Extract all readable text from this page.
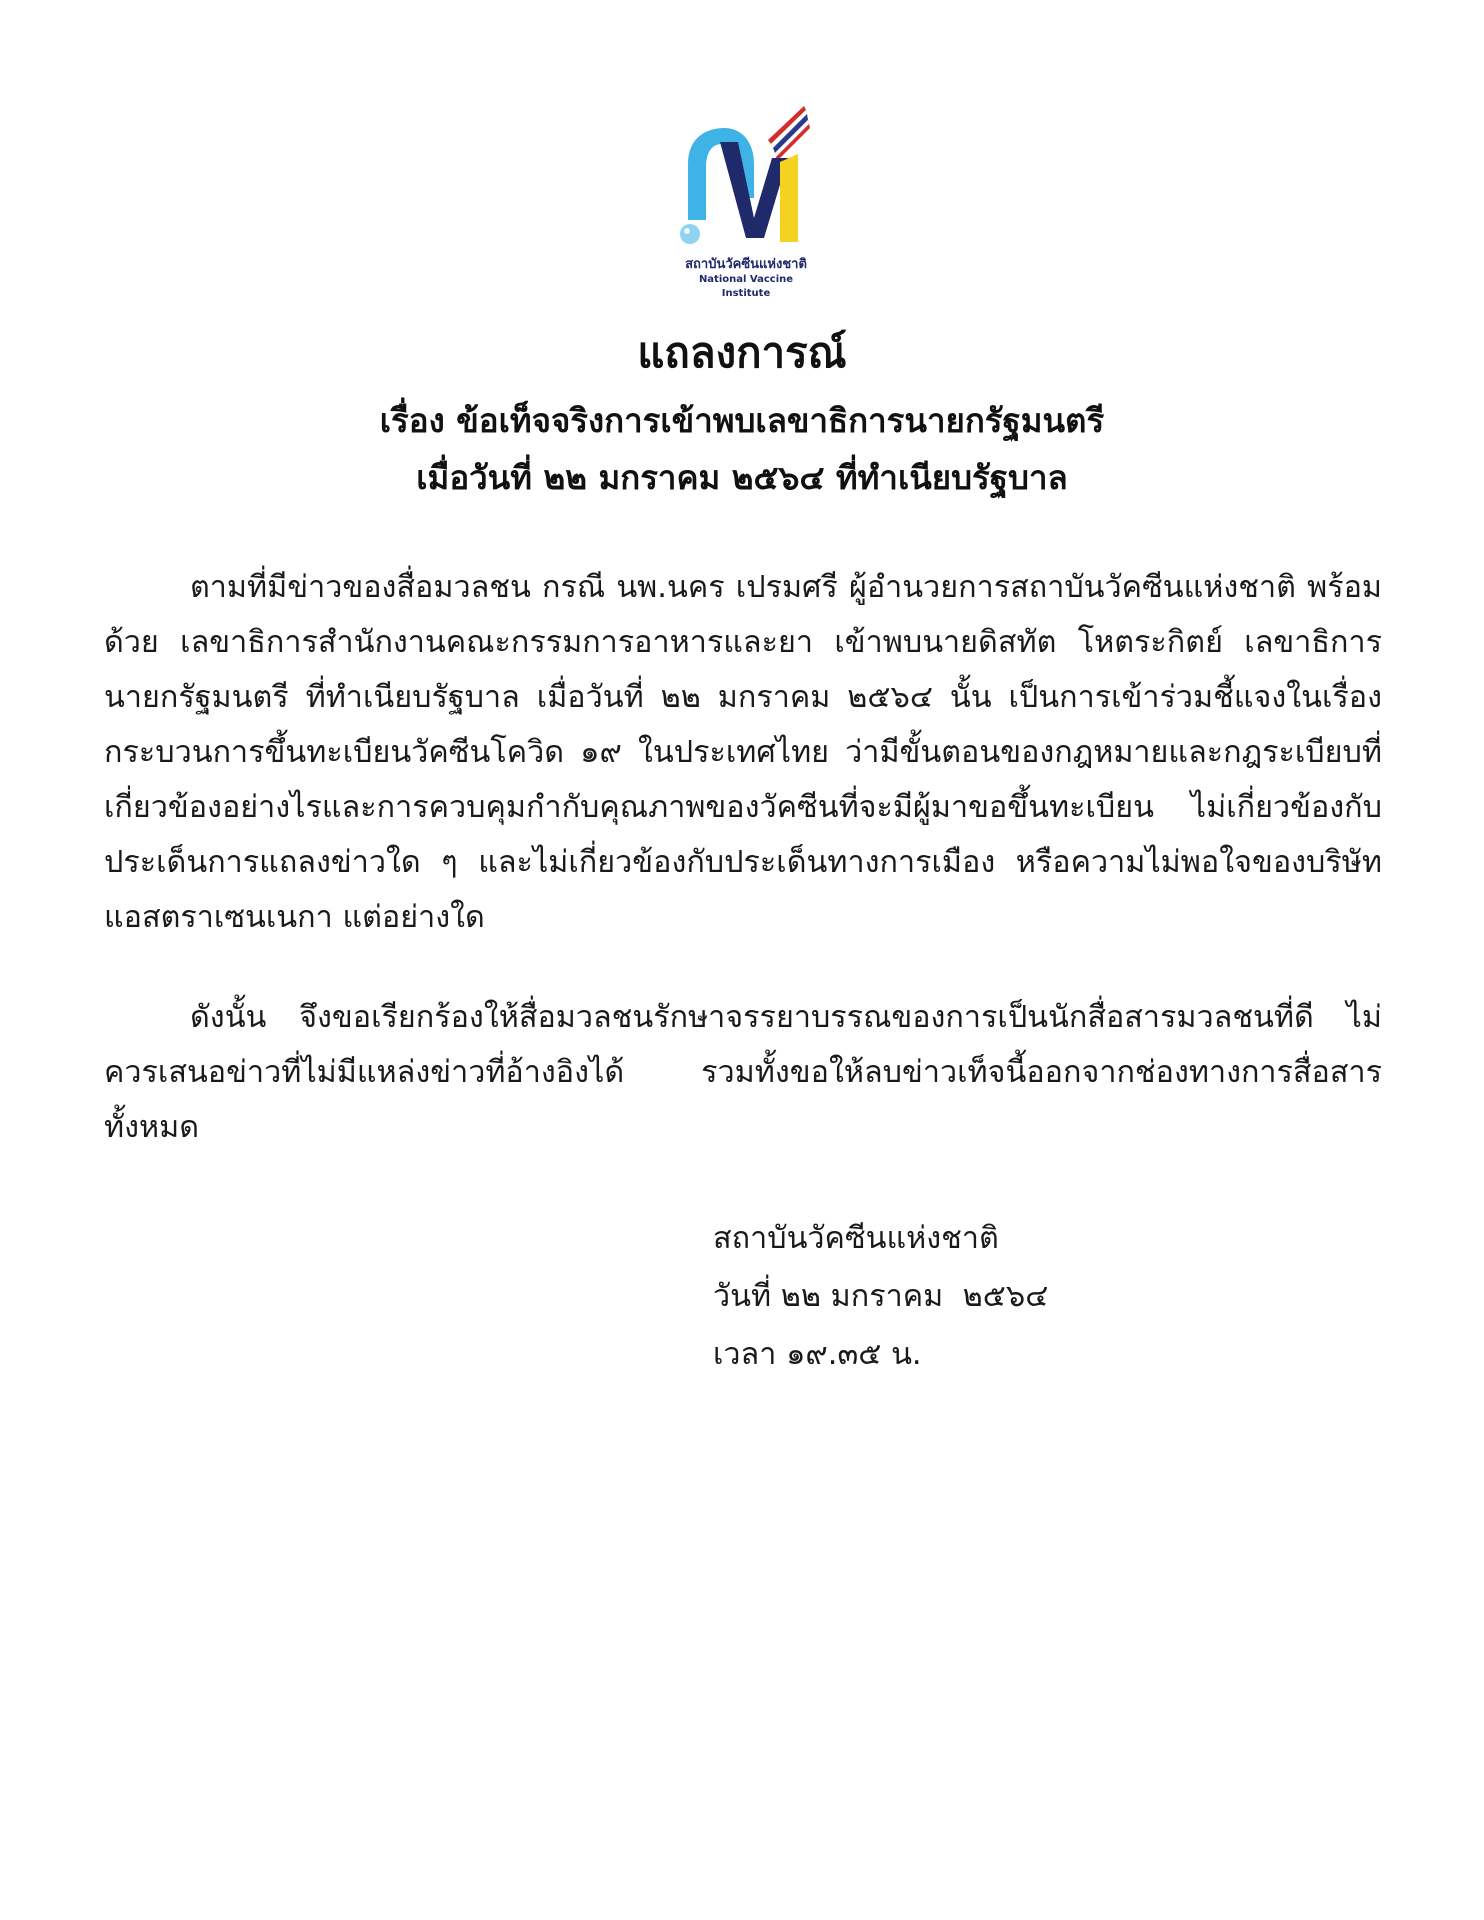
สถาบันวัคซีนแห่งชาติ
National Vaccine Institute
แถลงการณ์
เรื่อง ข้อเท็จจริงการเข้าพบเลขาธิการนายกรัฐมนตรี
เมื่อวันที่ ๒๒ มกราคม ๒๕๖๔ ที่ทำเนียบรัฐบาล

ตามที่มีข่าวของสื่อมวลชน กรณี นพ.นคร เปรมศรี ผู้อำนวยการสถาบันวัคซีนแห่งชาติ พร้อมด้วย เลขาธิการสำนักงานคณะกรรมการอาหารและยา เข้าพบนายดิสทัต โหตระกิตย์ เลขาธิการนายกรัฐมนตรี ที่ทำเนียบรัฐบาล เมื่อวันที่ ๒๒ มกราคม ๒๕๖๔ นั้น เป็นการเข้าร่วมชี้แจงในเรื่องกระบวนการขึ้นทะเบียนวัคซีนโควิด ๑๙ ในประเทศไทย ว่ามีขั้นตอนของกฎหมายและกฎระเบียบที่เกี่ยวข้องอย่างไรและการควบคุมกำกับคุณภาพของวัคซีนที่จะมีผู้มาขอขึ้นทะเบียน ไม่เกี่ยวข้องกับประเด็นการแถลงข่าวใด ๆ และไม่เกี่ยวข้องกับประเด็นทางการเมือง หรือความไม่พอใจของบริษัทแอสตราเซนเนกา แต่อย่างใด

ดังนั้น จึงขอเรียกร้องให้สื่อมวลชนรักษาจรรยาบรรณของการเป็นนักสื่อสารมวลชนที่ดี ไม่ควรเสนอข่าวที่ไม่มีแหล่งข่าวที่อ้างอิงได้ รวมทั้งขอให้ลบข่าวเท็จนี้ออกจากช่องทางการสื่อสารทั้งหมด

สถาบันวัคซีนแห่งชาติ
วันที่ ๒๒ มกราคม  ๒๕๖๔
เวลา ๑๙.๓๕ น.
